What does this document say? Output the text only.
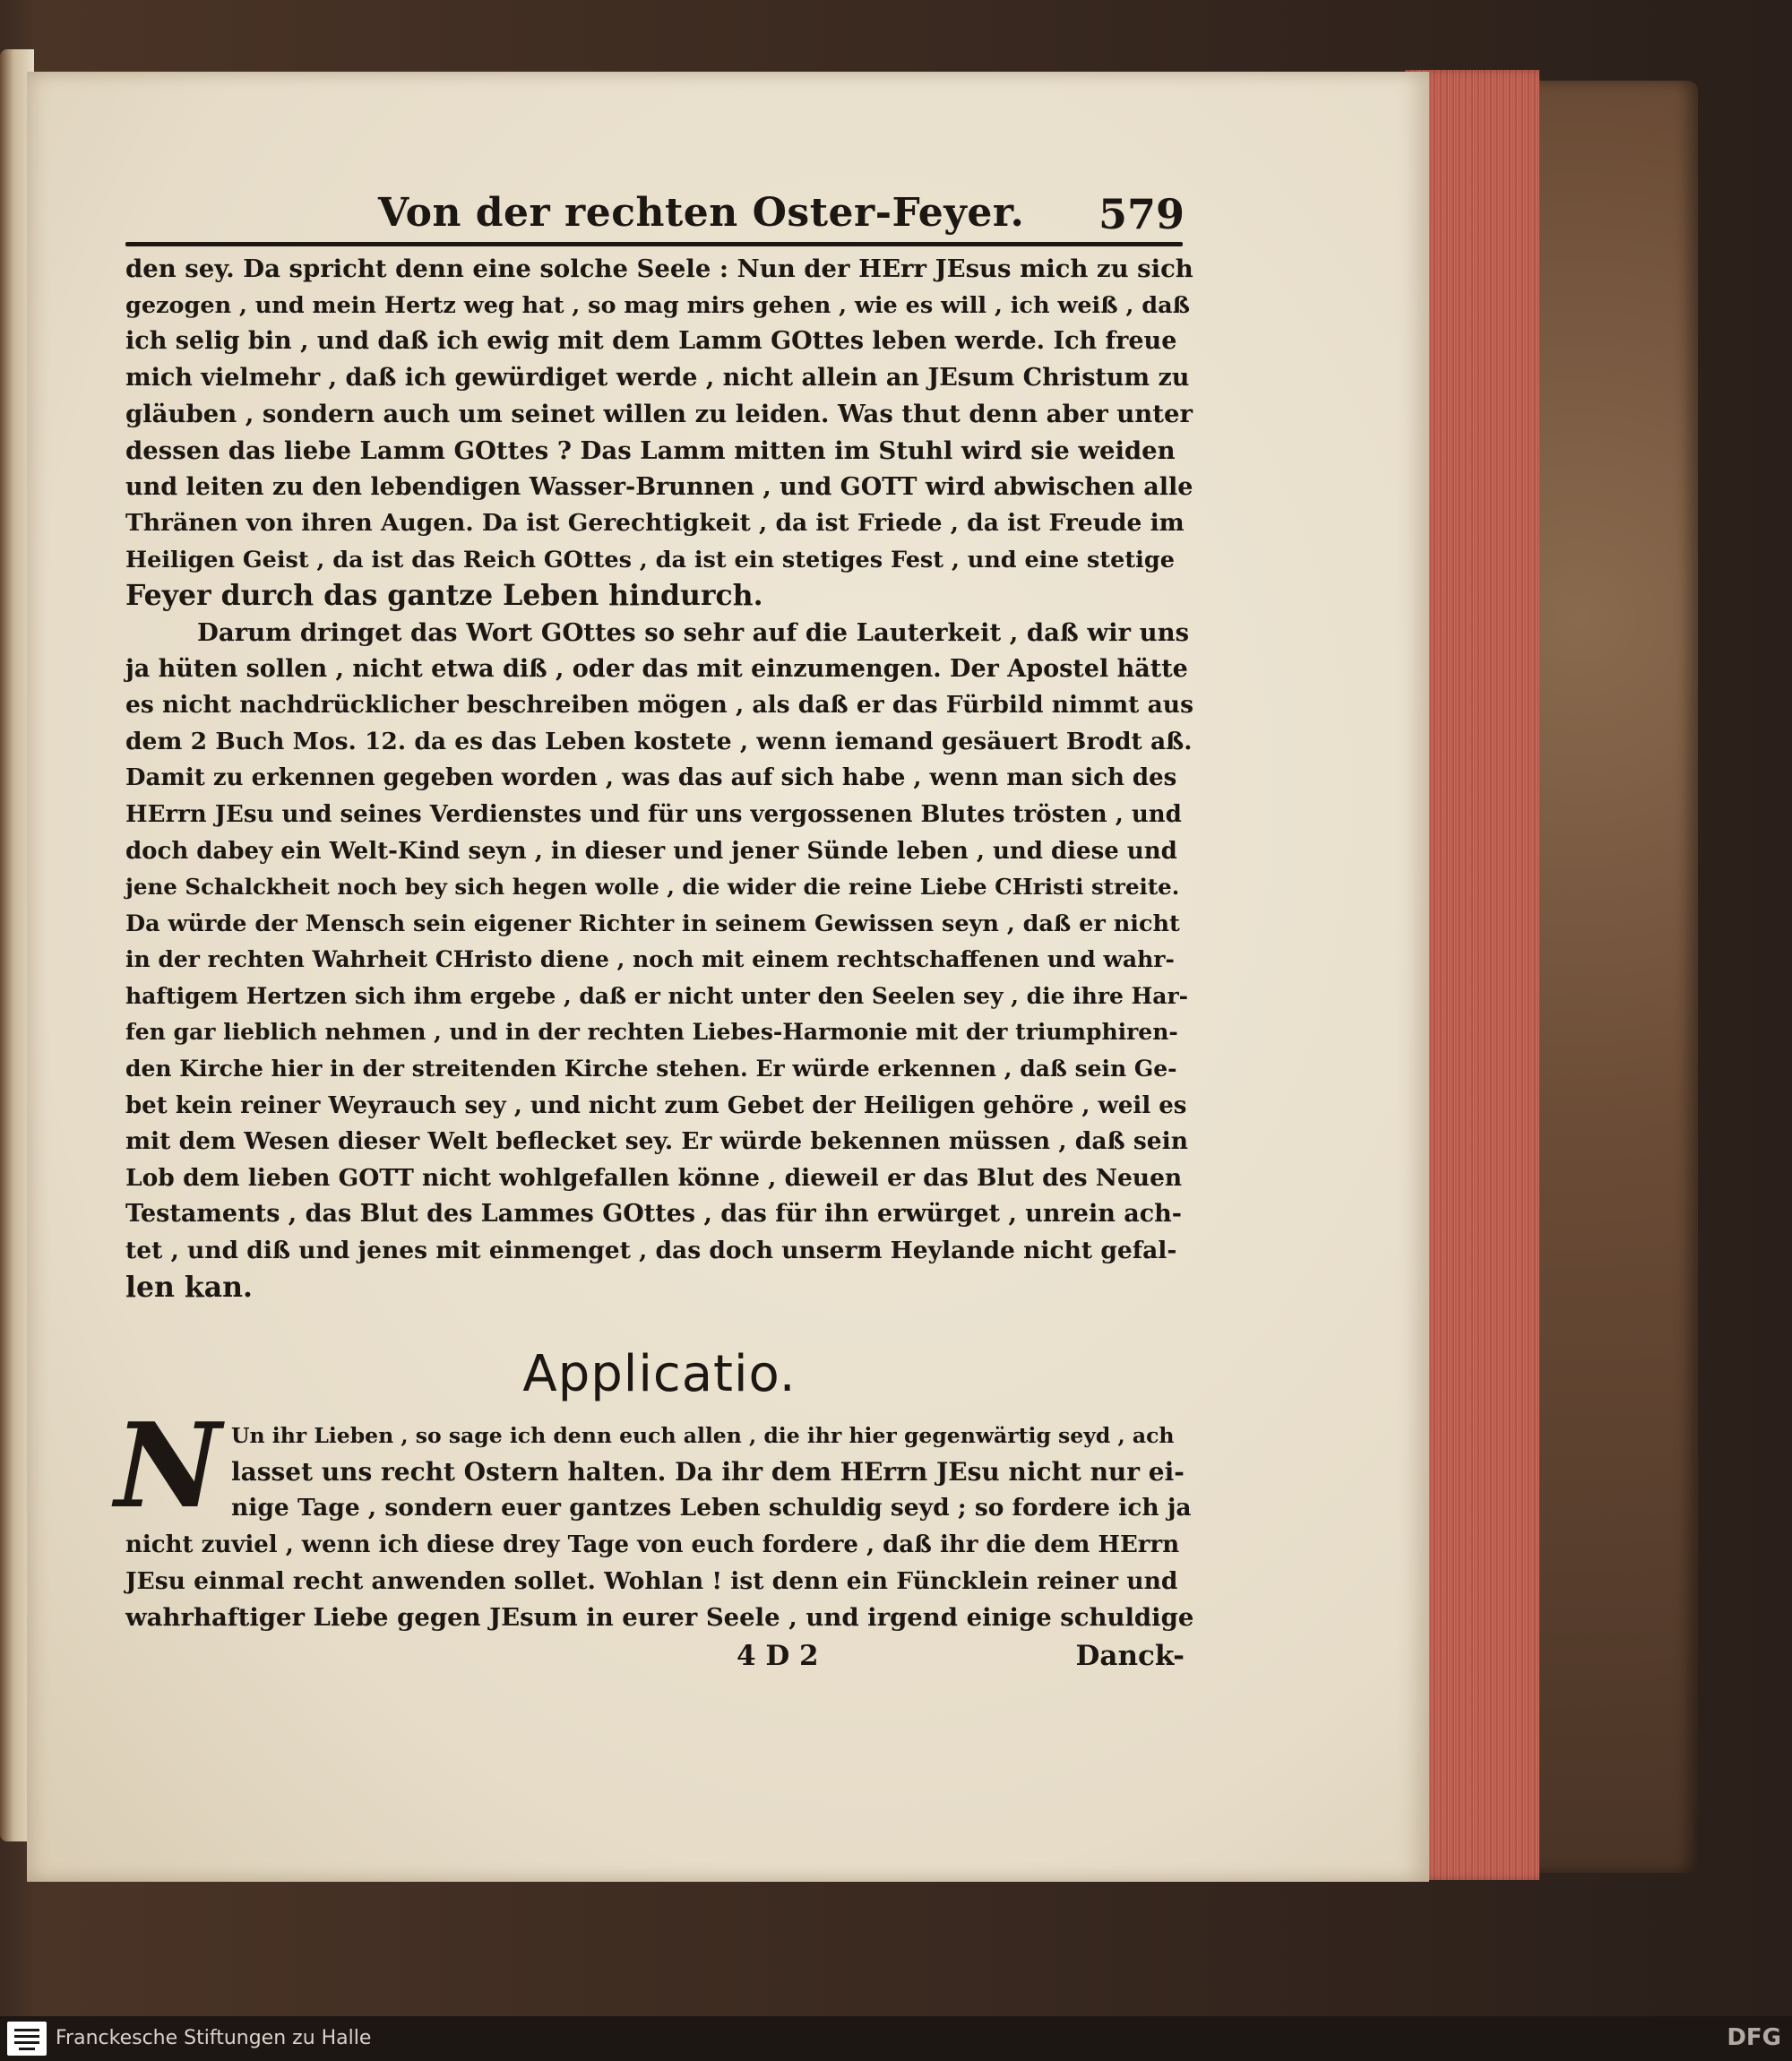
Von der rechten Oster-Feyer. 579

den sey. Da spricht denn eine solche Seele : Nun der HErr JEsus mich zu sich
gezogen , und mein Hertz weg hat , so mag mirs gehen , wie es will , ich weiß , daß
ich selig bin , und daß ich ewig mit dem Lamm GOttes leben werde. Ich freue
mich vielmehr , daß ich gewürdiget werde , nicht allein an JEsum Christum zu
gläuben , sondern auch um seinet willen zu leiden. Was thut denn aber unter
dessen das liebe Lamm GOttes ? Das Lamm mitten im Stuhl wird sie weiden
und leiten zu den lebendigen Wasser-Brunnen , und GOTT wird abwischen alle
Thränen von ihren Augen. Da ist Gerechtigkeit , da ist Friede , da ist Freude im
Heiligen Geist , da ist das Reich GOttes , da ist ein stetiges Fest , und eine stetige
Feyer durch das gantze Leben hindurch.

Darum dringet das Wort GOttes so sehr auf die Lauterkeit , daß wir uns
ja hüten sollen , nicht etwa diß , oder das mit einzumengen. Der Apostel hätte
es nicht nachdrücklicher beschreiben mögen , als daß er das Fürbild nimmt aus
dem 2 Buch Mos. 12. da es das Leben kostete , wenn iemand gesäuert Brodt aß.
Damit zu erkennen gegeben worden , was das auf sich habe , wenn man sich des
HErrn JEsu und seines Verdienstes und für uns vergossenen Blutes trösten , und
doch dabey ein Welt-Kind seyn , in dieser und jener Sünde leben , und diese und
jene Schalckheit noch bey sich hegen wolle , die wider die reine Liebe CHristi streite.
Da würde der Mensch sein eigener Richter in seinem Gewissen seyn , daß er nicht
in der rechten Wahrheit CHristo diene , noch mit einem rechtschaffenen und wahr-
haftigem Hertzen sich ihm ergebe , daß er nicht unter den Seelen sey , die ihre Har-
fen gar lieblich nehmen , und in der rechten Liebes-Harmonie mit der triumphiren-
den Kirche hier in der streitenden Kirche stehen. Er würde erkennen , daß sein Ge-
bet kein reiner Weyrauch sey , und nicht zum Gebet der Heiligen gehöre , weil es
mit dem Wesen dieser Welt beflecket sey. Er würde bekennen müssen , daß sein
Lob dem lieben GOTT nicht wohlgefallen könne , dieweil er das Blut des Neuen
Testaments , das Blut des Lammes GOttes , das für ihn erwürget , unrein ach-
tet , und diß und jenes mit einmenget , das doch unserm Heylande nicht gefal-
len kan.

Applicatio.
N Un ihr Lieben , so sage ich denn euch allen , die ihr hier gegenwärtig seyd , ach
lasset uns recht Ostern halten. Da ihr dem HErrn JEsu nicht nur ei-
nige Tage , sondern euer gantzes Leben schuldig seyd ; so fordere ich ja
nicht zuviel , wenn ich diese drey Tage von euch fordere , daß ihr die dem HErrn
JEsu einmal recht anwenden sollet. Wohlan ! ist denn ein Füncklein reiner und
wahrhaftiger Liebe gegen JEsum in eurer Seele , und irgend einige schuldige

4 D 2	Danck-
Franckesche Stiftungen zu Halle	DFG
